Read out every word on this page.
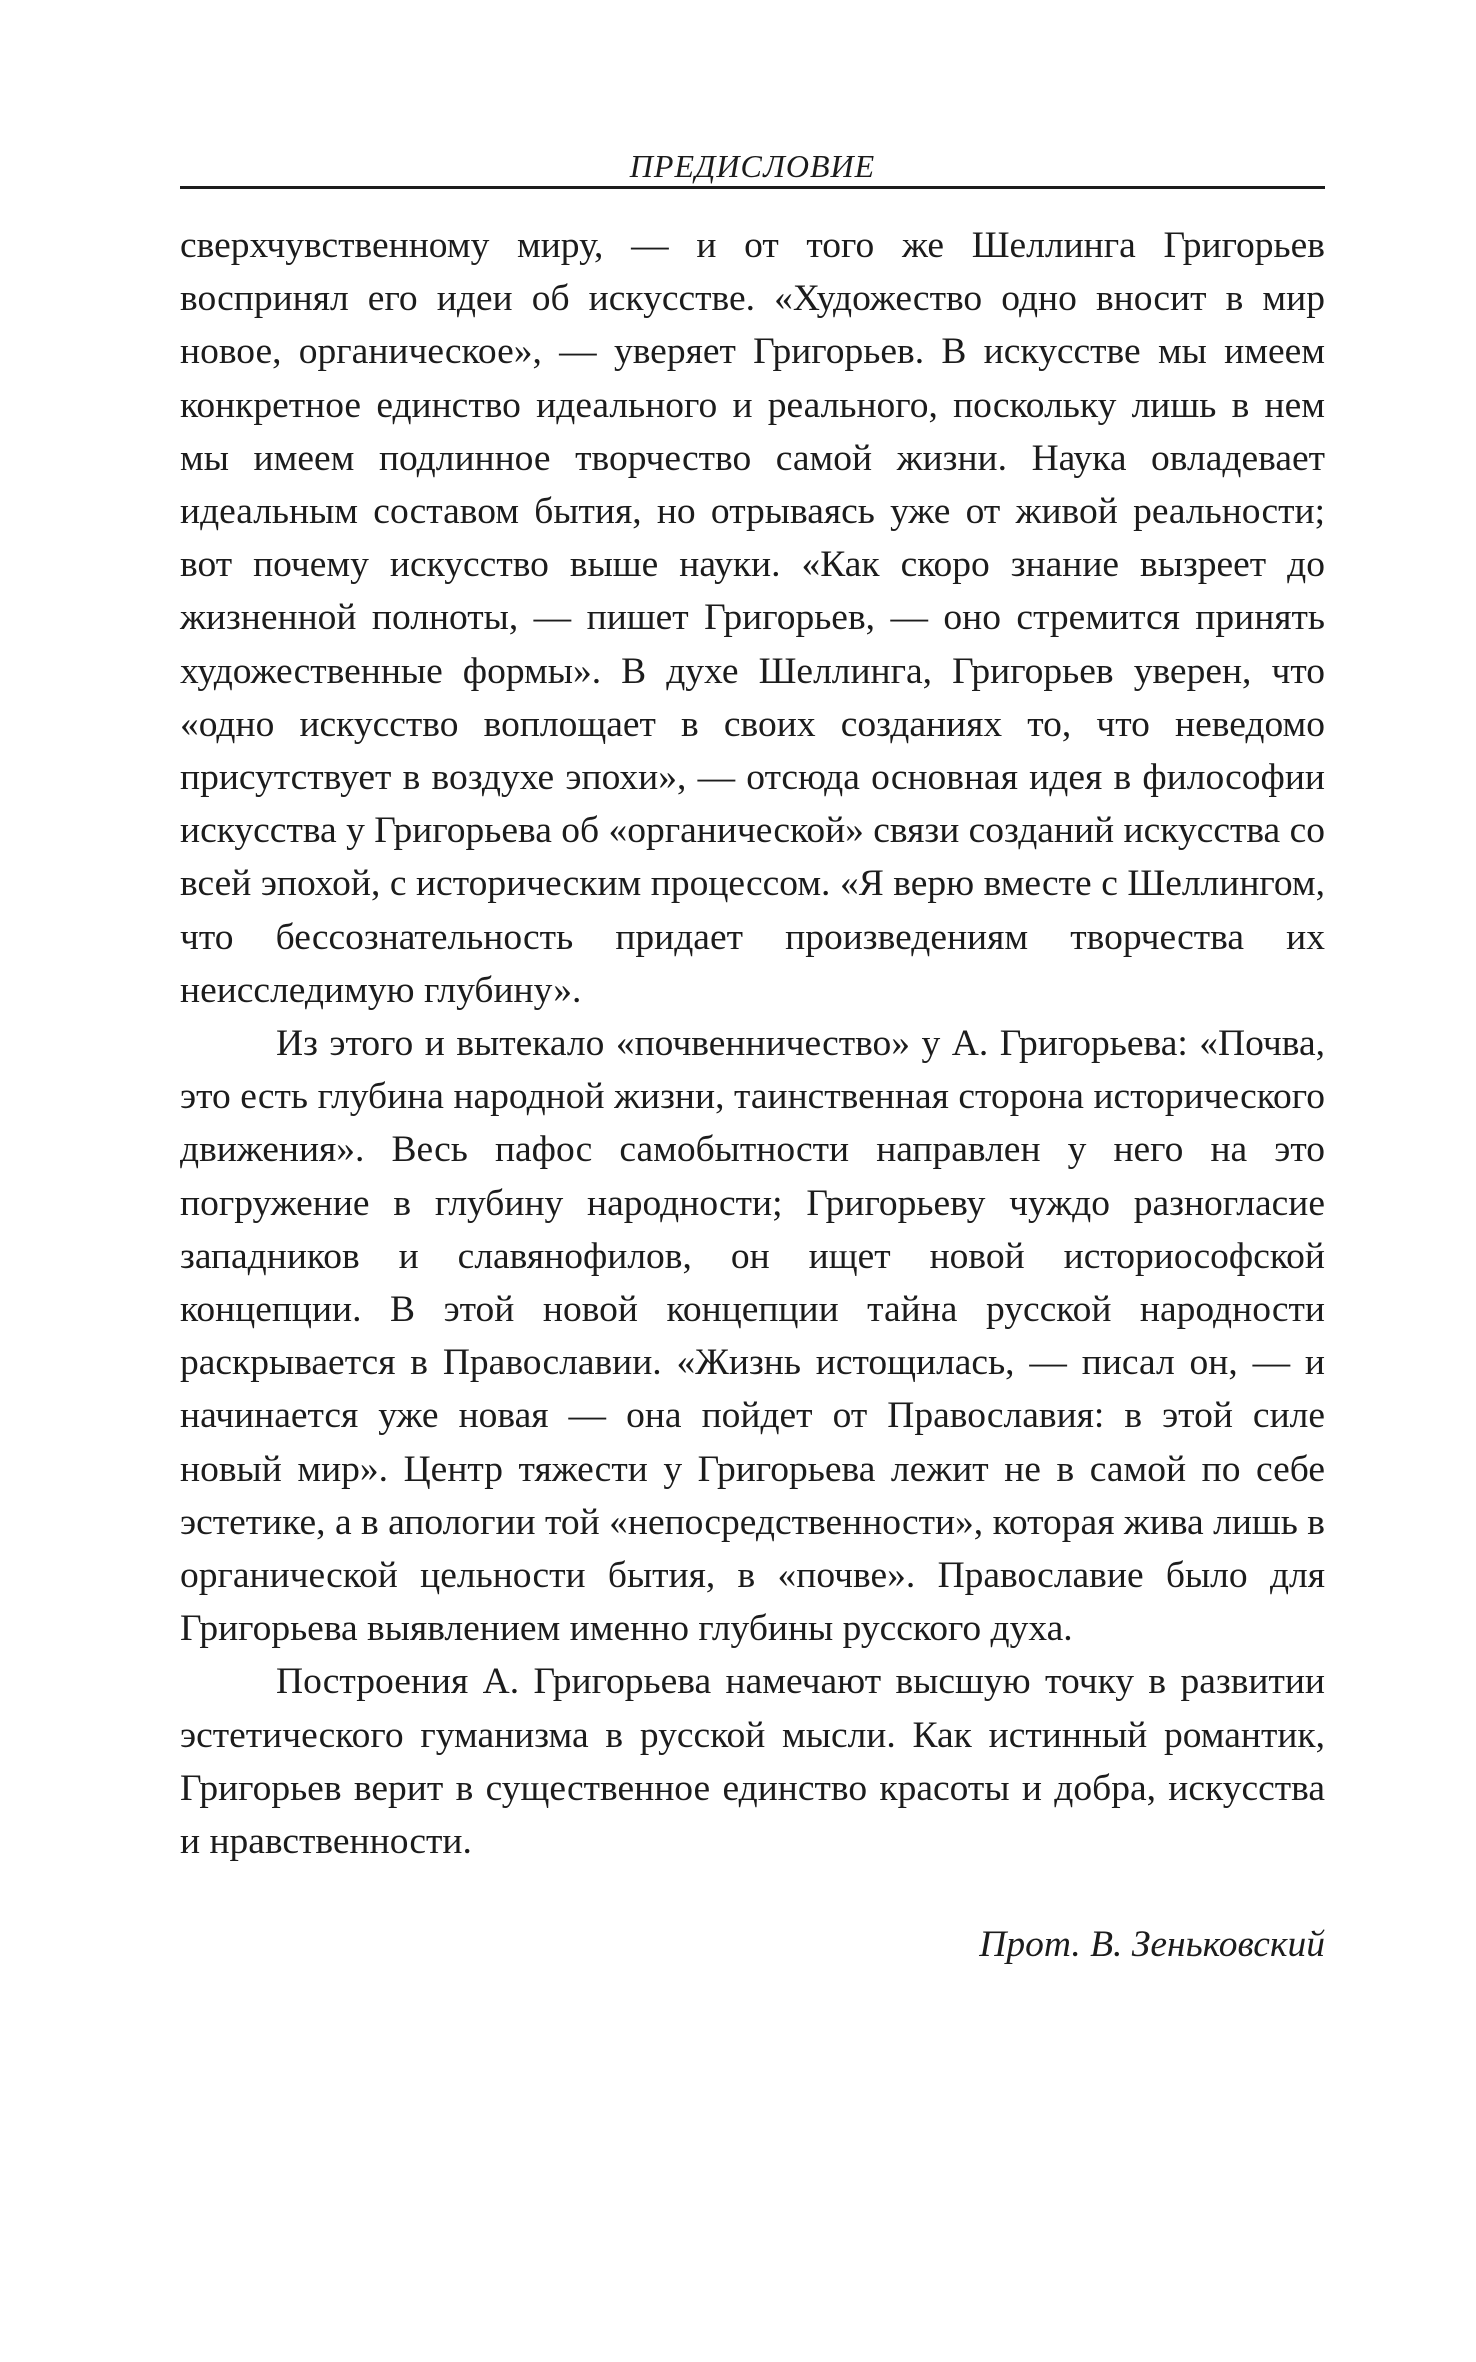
ПРЕДИСЛОВИЕ

сверхчувственному миру, — и от того же Шеллинга Григорьев воспринял его идеи об искусстве. «Художество одно вносит в мир новое, органическое», — уверяет Григорьев. В искусстве мы имеем конкретное единство идеального и реального, поскольку лишь в нем мы имеем подлинное творчество самой жизни. Наука овладевает идеальным составом бытия, но отрываясь уже от живой реальности; вот почему искусство выше науки. «Как скоро знание вызреет до жизненной полноты, — пишет Григорьев, — оно стремится принять художественные формы». В духе Шеллинга, Григорьев уверен, что «одно искусство воплощает в своих созданиях то, что неведомо присутствует в воздухе эпохи», — отсюда основная идея в философии искусства у Григорьева об «органической» связи созданий искусства со всей эпохой, с историческим процессом. «Я верю вместе с Шеллингом, что бессознательность придает произведениям творчества их неисследимую глубину».

Из этого и вытекало «почвенничество» у А. Григорьева: «Почва, это есть глубина народной жизни, таинственная сторона исторического движения». Весь пафос самобытности направлен у него на это погружение в глубину народности; Григорьеву чуждо разногласие западников и славянофилов, он ищет новой историософской концепции. В этой новой концепции тайна русской народности раскрывается в Православии. «Жизнь истощилась, — писал он, — и начинается уже новая — она пойдет от Православия: в этой силе новый мир». Центр тяжести у Григорьева лежит не в самой по себе эстетике, а в апологии той «непосредственности», которая жива лишь в органической цельности бытия, в «почве». Православие было для Григорьева выявлением именно глубины русского духа.

Построения А. Григорьева намечают высшую точку в развитии эстетического гуманизма в русской мысли. Как истинный романтик, Григорьев верит в существенное единство красоты и добра, искусства и нравственности.

Прот. В. Зеньковский
